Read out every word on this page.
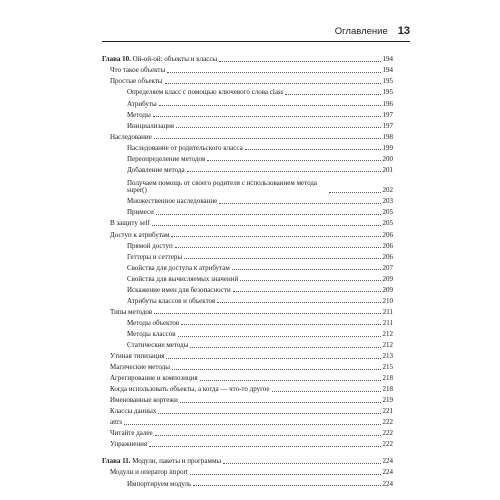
Оглавление 13
Глава 10. Ой-ой-ой: объекты и классы	194
Что такое объекты	194
Простые объекты	195
Определяем класс с помощью ключевого слова class	195
Атрибуты	196
Методы	197
Инициализация	197
Наследование	198
Наследование от родительского класса	199
Переопределение методов	200
Добавление метода	201
Получаем помощь от своего родителя с использованием метода super()	202
Множественное наследование	203
Примеси	205
В защиту self	205
Доступ к атрибутам	206
Прямой доступ	206
Геттеры и сеттеры	206
Свойства для доступа к атрибутам	207
Свойства для вычисляемых значений	209
Искажение имен для безопасности	209
Атрибуты классов и объектов	210
Типы методов	211
Методы объектов	211
Методы классов	212
Статические методы	212
Утиная типизация	213
Магические методы	215
Агрегирование и композиция	218
Когда использовать объекты, а когда — что-то другое	218
Именованные кортежи	219
Классы данных	221
attrs	222
Читайте далее	222
Упражнения	222
Глава 11. Модули, пакеты и программы	224
Модули и оператор import	224
Импортируем модуль	224
